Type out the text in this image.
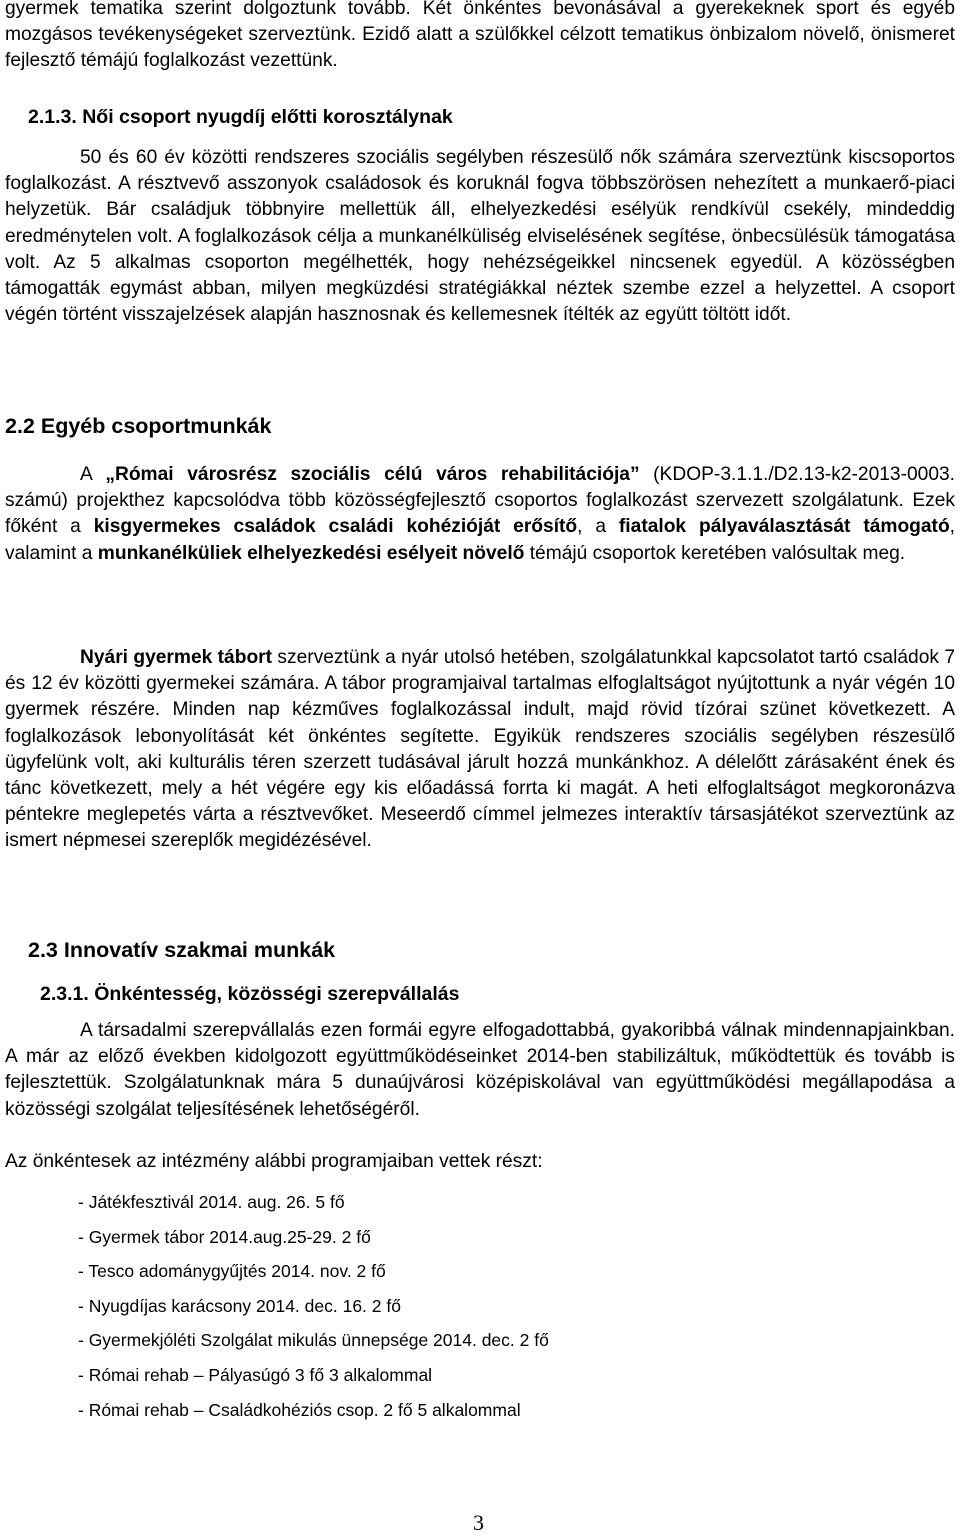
gyermek tematika szerint dolgoztunk tovább. Két önkéntes bevonásával a gyerekeknek sport és egyéb mozgásos tevékenységeket szerveztünk. Ezidő alatt a szülőkkel célzott tematikus önbizalom növelő, önismeret fejlesztő témájú foglalkozást vezettünk.

2.1.3. Női csoport nyugdíj előtti korosztálynak

50 és 60 év közötti rendszeres szociális segélyben részesülő nők számára szerveztünk kiscsoportos foglalkozást. A résztvevő asszonyok családosok és koruknál fogva többszörösen nehezített a munkaerő-piaci helyzetük. Bár családjuk többnyire mellettük áll, elhelyezkedési esélyük rendkívül csekély, mindeddig eredménytelen volt. A foglalkozások célja a munkanélküliség elviselésének segítése, önbecsülésük támogatása volt. Az 5 alkalmas csoporton megélhették, hogy nehézségeikkel nincsenek egyedül. A közösségben támogatták egymást abban, milyen megküzdési stratégiákkal néztek szembe ezzel a helyzettel. A csoport végén történt visszajelzések alapján hasznosnak és kellemesnek ítélték az együtt töltött időt.

2.2 Egyéb csoportmunkák

A „Római városrész szociális célú város rehabilitációja” (KDOP-3.1.1./D2.13-k2-2013-0003. számú) projekthez kapcsolódva több közösségfejlesztő csoportos foglalkozást szervezett szolgálatunk. Ezek főként a kisgyermekes családok családi kohézióját erősítő, a fiatalok pályaválasztását támogató, valamint a munkanélküliek elhelyezkedési esélyeit növelő témájú csoportok keretében valósultak meg.

Nyári gyermek tábort szerveztünk a nyár utolsó hetében, szolgálatunkkal kapcsolatot tartó családok 7 és 12 év közötti gyermekei számára. A tábor programjaival tartalmas elfoglaltságot nyújtottunk a nyár végén 10 gyermek részére. Minden nap kézműves foglalkozással indult, majd rövid tízórai szünet következett. A foglalkozások lebonyolítását két önkéntes segítette. Egyikük rendszeres szociális segélyben részesülő ügyfelünk volt, aki kulturális téren szerzett tudásával járult hozzá munkánkhoz. A délelőtt zárásaként ének és tánc következett, mely a hét végére egy kis előadássá forrta ki magát. A heti elfoglaltságot megkoronázva péntekre meglepetés várta a résztvevőket. Meseerdő címmel jelmezes interaktív társasjátékot szerveztünk az ismert népmesei szereplők megidézésével.

2.3 Innovatív szakmai munkák
2.3.1. Önkéntesség, közösségi szerepvállalás

A társadalmi szerepvállalás ezen formái egyre elfogadottabbá, gyakoribbá válnak mindennapjainkban. A már az előző években kidolgozott együttműködéseinket 2014-ben stabilizáltuk, működtettük és tovább is fejlesztettük. Szolgálatunknak mára 5 dunaújvárosi középiskolával van együttműködési megállapodása a közösségi szolgálat teljesítésének lehetőségéről.

Az önkéntesek az intézmény alábbi programjaiban vettek részt:

- Játékfesztivál 2014. aug. 26. 5 fő
- Gyermek tábor 2014.aug.25-29. 2 fő
- Tesco adománygyűjtés 2014. nov. 2 fő
- Nyugdíjas karácsony 2014. dec. 16. 2 fő
- Gyermekjóléti Szolgálat mikulás ünnepsége 2014. dec. 2 fő
- Római rehab – Pályasúgó 3 fő 3 alkalommal
- Római rehab – Családkohéziós csop. 2 fő 5 alkalommal
3
